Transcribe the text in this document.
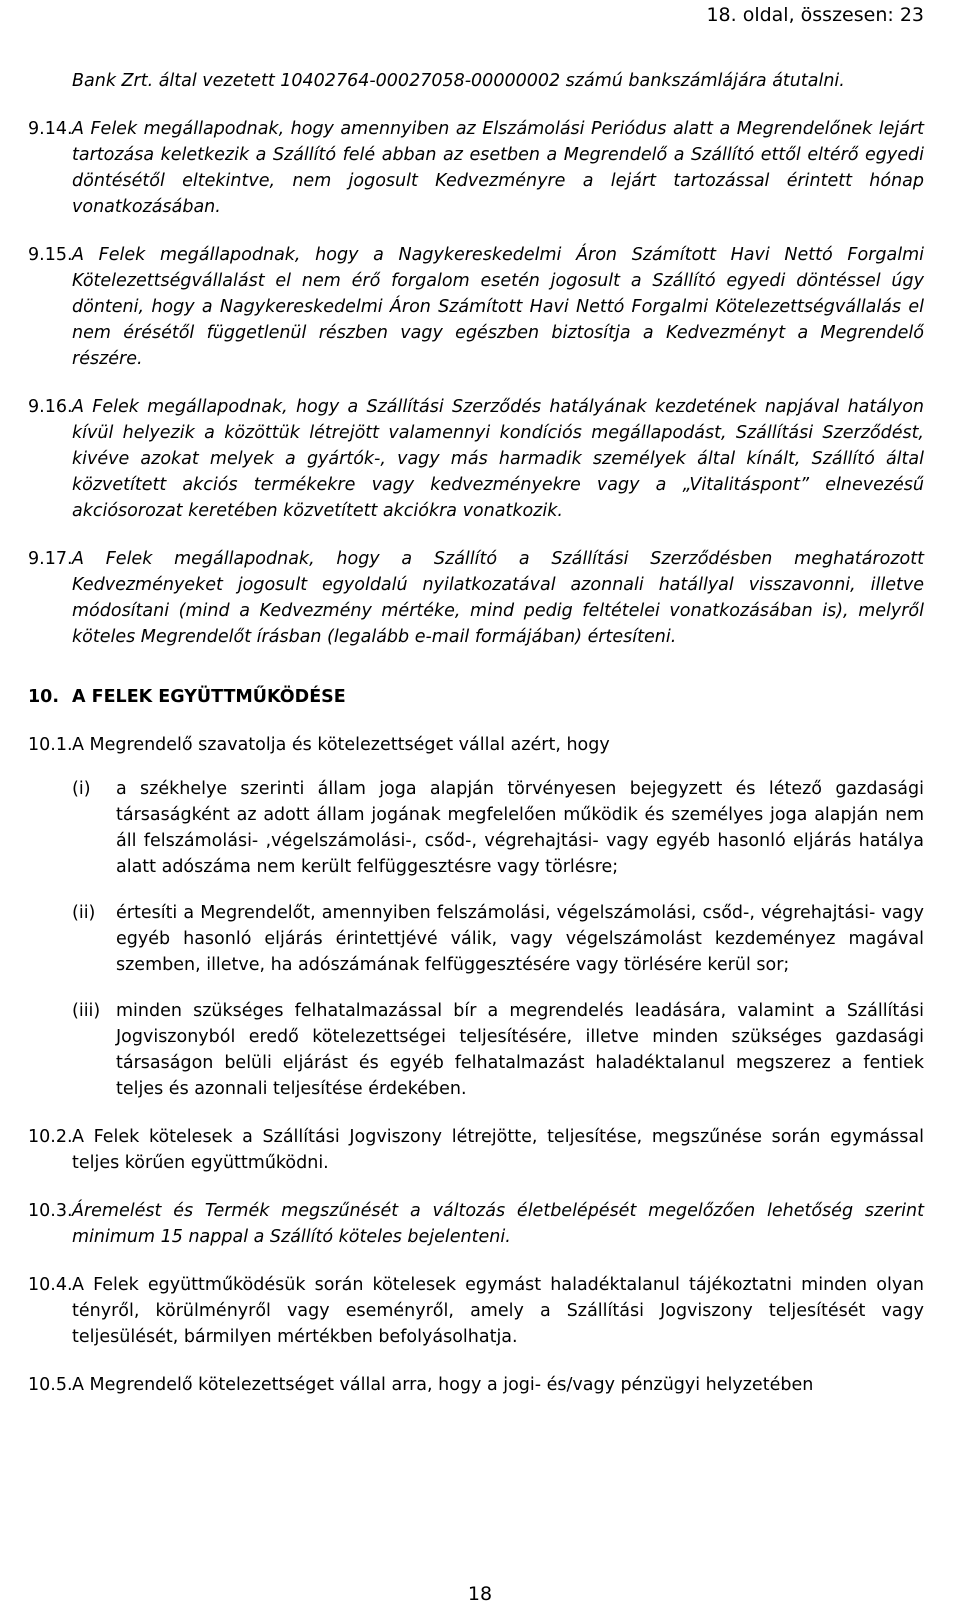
18. oldal, összesen: 23
Bank Zrt. által vezetett 10402764-00027058-00000002 számú bankszámlájára átutalni.
9.14. A Felek megállapodnak, hogy amennyiben az Elszámolási Periódus alatt a Megrendelőnek lejárt tartozása keletkezik a Szállító felé abban az esetben a Megrendelő a Szállító ettől eltérő egyedi döntésétől eltekintve, nem jogosult Kedvezményre a lejárt tartozással érintett hónap vonatkozásában.
9.15. A Felek megállapodnak, hogy a Nagykereskedelmi Áron Számított Havi Nettó Forgalmi Kötelezettségvállalást el nem érő forgalom esetén jogosult a Szállító egyedi döntéssel úgy dönteni, hogy a Nagykereskedelmi Áron Számított Havi Nettó Forgalmi Kötelezettségvállalás el nem érésétől függetlenül részben vagy egészben biztosítja a Kedvezményt a Megrendelő részére.
9.16. A Felek megállapodnak, hogy a Szállítási Szerződés hatályának kezdetének napjával hatályon kívül helyezik a közöttük létrejött valamennyi kondíciós megállapodást, Szállítási Szerződést, kivéve azokat melyek a gyártók-, vagy más harmadik személyek által kínált, Szállító által közvetített akciós termékekre vagy kedvezményekre vagy a „Vitalitáspont” elnevezésű akciósorozat keretében közvetített akciókra vonatkozik.
9.17. A Felek megállapodnak, hogy a Szállító a Szállítási Szerződésben meghatározott Kedvezményeket jogosult egyoldalú nyilatkozatával azonnali hatállyal visszavonni, illetve módosítani (mind a Kedvezmény mértéke, mind pedig feltételei vonatkozásában is), melyről köteles Megrendelőt írásban (legalább e-mail formájában) értesíteni.
10. A FELEK EGYÜTTMŰKÖDÉSE
10.1. A Megrendelő szavatolja és kötelezettséget vállal azért, hogy
(i)	a székhelye szerinti állam joga alapján törvényesen bejegyzett és létező gazdasági társaságként az adott állam jogának megfelelően működik és személyes joga alapján nem áll felszámolási- ,végelszámolási-, csőd-, végrehajtási- vagy egyéb hasonló eljárás hatálya alatt adószáma nem került felfüggesztésre vagy törlésre;
(ii)	értesíti a Megrendelőt, amennyiben felszámolási, végelszámolási, csőd-, végrehajtási- vagy egyéb hasonló eljárás érintettjévé válik, vagy végelszámolást kezdeményez magával szemben, illetve, ha adószámának felfüggesztésére vagy törlésére kerül sor;
(iii) minden szükséges felhatalmazással bír a megrendelés leadására, valamint a Szállítási Jogviszonyból eredő kötelezettségei teljesítésére, illetve minden szükséges gazdasági társaságon belüli eljárást és egyéb felhatalmazást haladéktalanul megszerez a fentiek teljes és azonnali teljesítése érdekében.
10.2. A Felek kötelesek a Szállítási Jogviszony létrejötte, teljesítése, megszűnése során egymással teljes körűen együttműködni.
10.3. Áremelést és Termék megszűnését a változás életbelépését megelőzően lehetőség szerint minimum 15 nappal a Szállító köteles bejelenteni.
10.4. A Felek együttműködésük során kötelesek egymást haladéktalanul tájékoztatni minden olyan tényről, körülményről vagy eseményről, amely a Szállítási Jogviszony teljesítését vagy teljesülését, bármilyen mértékben befolyásolhatja.
10.5. A Megrendelő kötelezettséget vállal arra, hogy a jogi- és/vagy pénzügyi helyzetében
18
